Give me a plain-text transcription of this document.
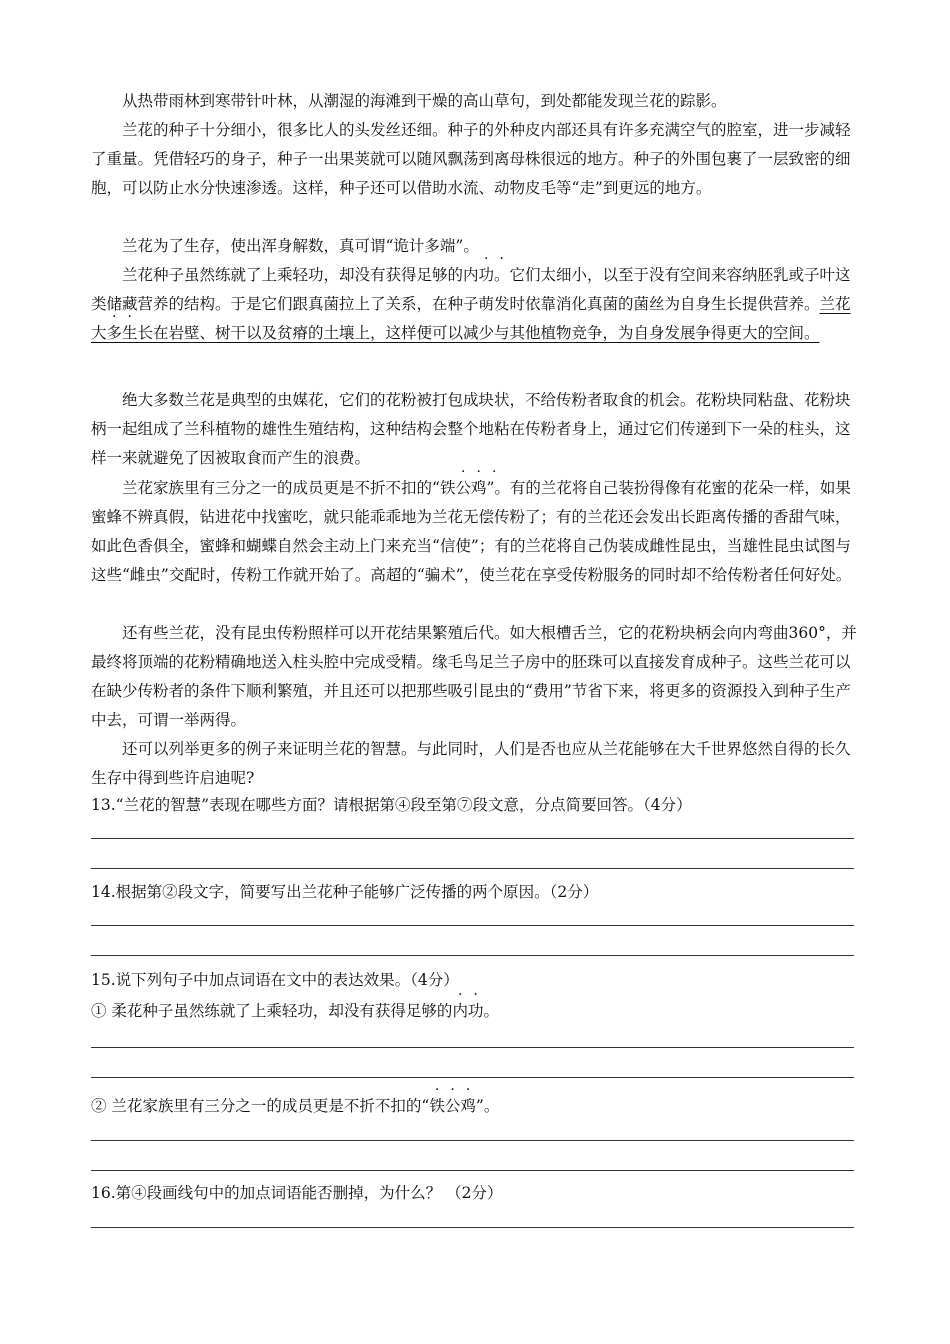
从热带雨林到寒带针叶林，从潮湿的海滩到干燥的高山草句，到处都能发现兰花的踪影。

兰花的种子十分细小，很多比人的头发丝还细。种子的外种皮内部还具有许多充满空气的腔室，进一步减轻了重量。凭借轻巧的身子，种子一出果荚就可以随风飘荡到离母株很远的地方。种子的外围包裹了一层致密的细胞，可以防止水分快速渗透。这样，种子还可以借助水流、动物皮毛等“走”到更远的地方。

兰花为了生存，使出浑身解数，真可谓“诡计多端”。

兰花种子虽然练就了上乘轻功，却没有获得足够的内功。它们太细小，以至于没有空间来容纳胚乳或子叶这类储藏营养的结构。于是它们跟真菌拉上了关系，在种子萌发时依靠消化真菌的菌丝为自身生长提供营养。兰花大多生长在岩壁、树干以及贫瘠的土壤上，这样便可以减少与其他植物竞争，为自身发展争得更大的空间。

绝大多数兰花是典型的虫媒花，它们的花粉被打包成块状，不给传粉者取食的机会。花粉块同粘盘、花粉块柄一起组成了兰科植物的雄性生殖结构，这种结构会整个地粘在传粉者身上，通过它们传递到下一朵的柱头，这样一来就避免了因被取食而产生的浪费。

兰花家族里有三分之一的成员更是不折不扣的“铁公鸡”。有的兰花将自己装扮得像有花蜜的花朵一样，如果蜜蜂不辨真假，钻进花中找蜜吃，就只能乖乖地为兰花无偿传粉了；有的兰花还会发出长距离传播的香甜气味，如此色香俱全，蜜蜂和蝴蝶自然会主动上门来充当“信使”；有的兰花将自己伪装成雌性昆虫，当雄性昆虫试图与这些“雌虫”交配时，传粉工作就开始了。高超的“骗术”，使兰花在享受传粉服务的同时却不给传粉者任何好处。

还有些兰花，没有昆虫传粉照样可以开花结果繁殖后代。如大根槽舌兰，它的花粉块柄会向内弯曲360°，并最终将顶端的花粉精确地送入柱头腔中完成受精。缘毛鸟足兰子房中的胚珠可以直接发育成种子。这些兰花可以在缺少传粉者的条件下顺利繁殖，并且还可以把那些吸引昆虫的“费用”节省下来，将更多的资源投入到种子生产中去，可谓一举两得。

还可以列举更多的例子来证明兰花的智慧。与此同时，人们是否也应从兰花能够在大千世界悠然自得的长久生存中得到些许启迪呢?

13.“兰花的智慧”表现在哪些方面？请根据第④段至第⑦段文意，分点简要回答。（4分）

14.根据第②段文字，简要写出兰花种子能够广泛传播的两个原因。（2分）

15.说下列句子中加点词语在文中的表达效果。（4分）

① 柔花种子虽然练就了上乘轻功，却没有获得足够的内功。

② 兰花家族里有三分之一的成员更是不折不扣的“铁公鸡”。

16.第④段画线句中的加点词语能否删掉，为什么？ （2分）
